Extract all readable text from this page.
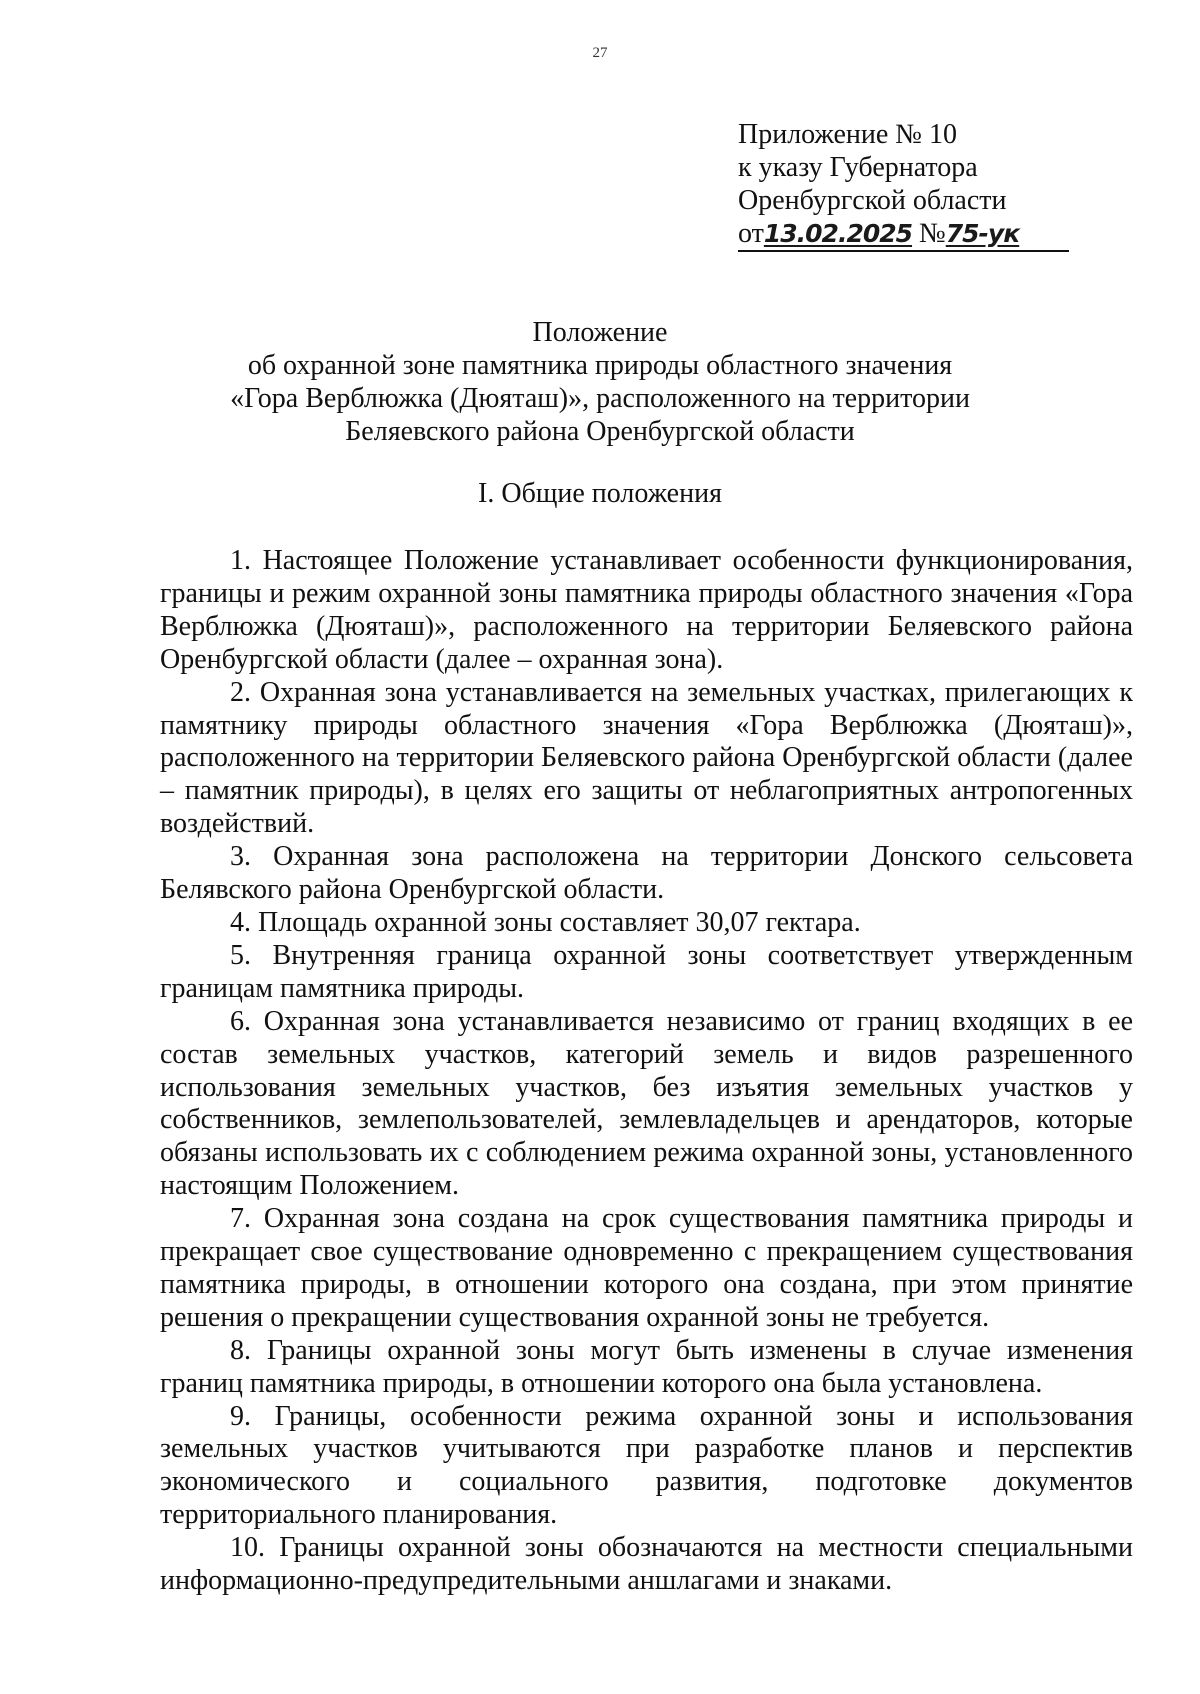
27
Приложение № 10
к указу Губернатора
Оренбургской области
от13.02.2025 №75-ук
Положение
об охранной зоне памятника природы областного значения
«Гора Верблюжка (Дюяташ)», расположенного на территории
Беляевского района Оренбургской области
I. Общие положения

1. Настоящее Положение устанавливает особенности функционирования, границы и режим охранной зоны памятника природы областного значения «Гора Верблюжка (Дюяташ)», расположенного на территории Беляевского района Оренбургской области (далее – охранная зона).

2. Охранная зона устанавливается на земельных участках, прилегающих к памятнику природы областного значения «Гора Верблюжка (Дюяташ)», расположенного на территории Беляевского района Оренбургской области (далее – памятник природы), в целях его защиты от неблагоприятных антропогенных воздействий.

3. Охранная зона расположена на территории Донского сельсовета Белявского района Оренбургской области.

4. Площадь охранной зоны составляет 30,07 гектара.

5. Внутренняя граница охранной зоны соответствует утвержденным границам памятника природы.

6. Охранная зона устанавливается независимо от границ входящих в ее состав земельных участков, категорий земель и видов разрешенного использования земельных участков, без изъятия земельных участков у собственников, землепользователей, землевладельцев и арендаторов, которые обязаны использовать их с соблюдением режима охранной зоны, установленного настоящим Положением.

7. Охранная зона создана на срок существования памятника природы и прекращает свое существование одновременно с прекращением существования памятника природы, в отношении которого она создана, при этом принятие решения о прекращении существования охранной зоны не требуется.

8. Границы охранной зоны могут быть изменены в случае изменения границ памятника природы, в отношении которого она была установлена.

9. Границы, особенности режима охранной зоны и использования земельных участков учитываются при разработке планов и перспектив экономического и социального развития, подготовке документов территориального планирования.

10. Границы охранной зоны обозначаются на местности специальными информационно-предупредительными аншлагами и знаками.
